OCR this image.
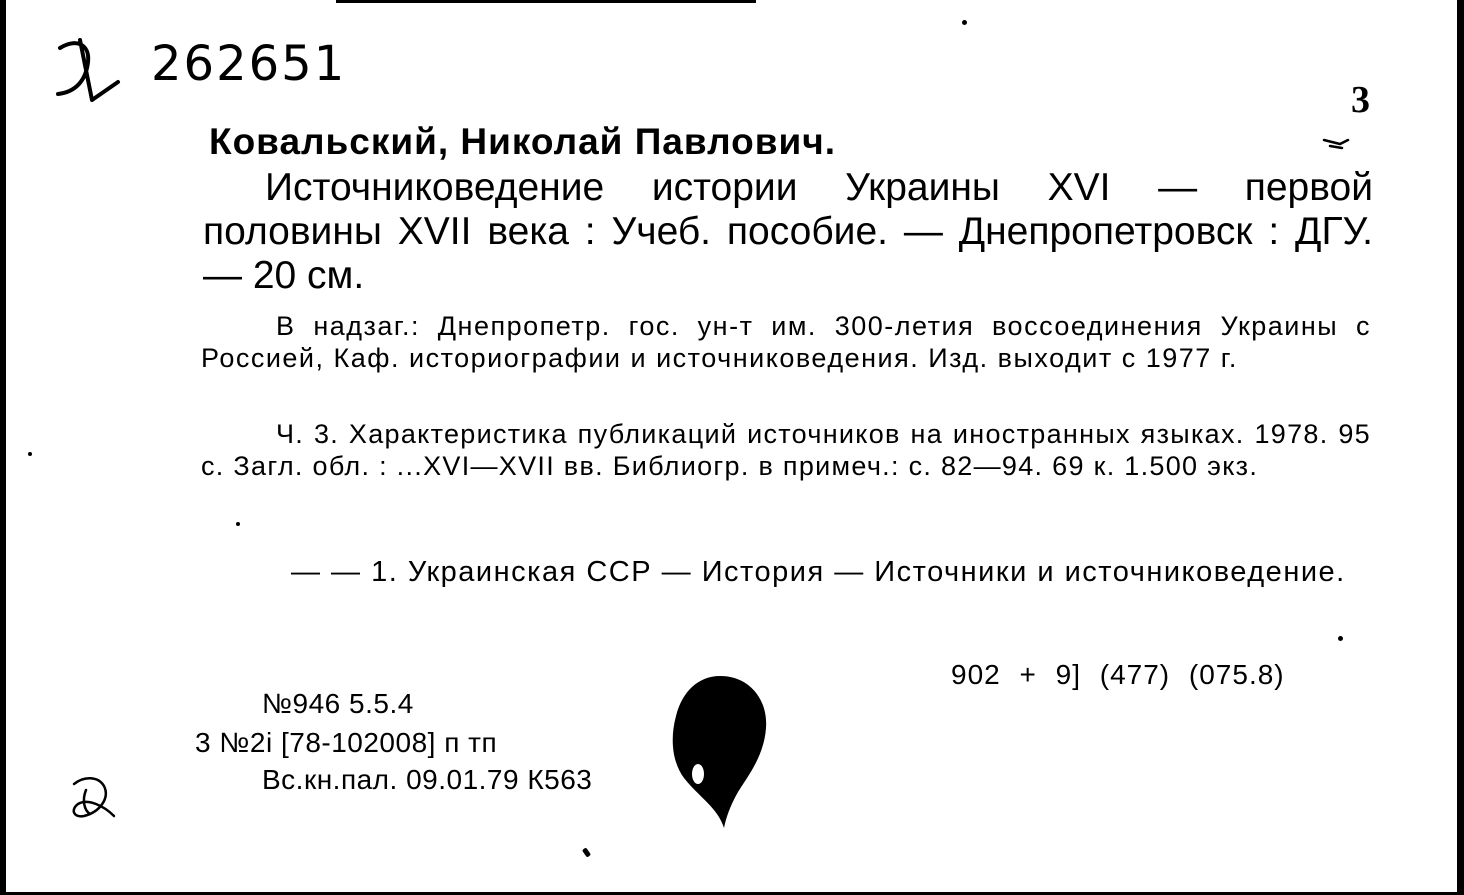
262651
3
Ковальский, Николай Павлович.
Источниковедение истории Украины XVI — первой половины XVII века : Учеб. пособие. — Днепропетровск : ДГУ. — 20 см.
В надзаг.: Днепропетр. гос. ун-т им. 300-летия воссоединения Украины с Россией, Каф. историографии и источниковедения. Изд. выходит с 1977 г.
Ч. 3. Характеристика публикаций источников на иностранных языках. 1978. 95 с. Загл. обл. : ...XVI—XVII вв. Библиогр. в примеч.: с. 82—94. 69 к. 1.500 экз.
— — 1. Украинская ССР — История — Источники и источниковедение.
902 + 9] (477) (075.8)
№946 5.5.4
3 №2i [78-102008] п тп
Вс.кн.пал. 09.01.79 К563
